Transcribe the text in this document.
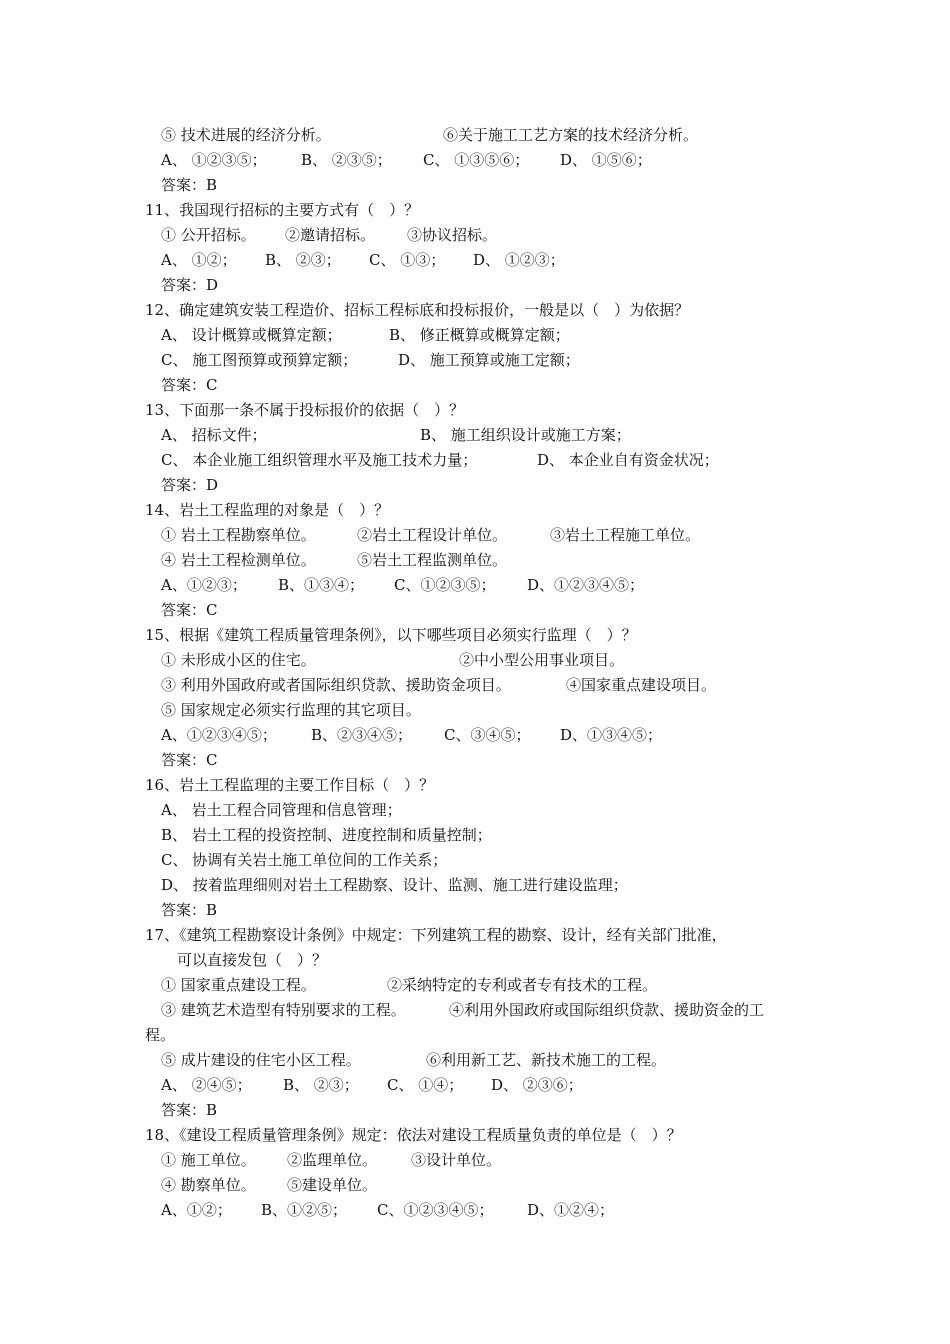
⑤ 技术进展的经济分析。	⑥关于施工工艺方案的技术经济分析。
A、 ①②③⑤； B、 ②③⑤； C、 ①③⑤⑥； D、 ①⑤⑥；
答案：B
11、我国现行招标的主要方式有（　）？
① 公开招标。 ②邀请招标。 ③协议招标。
A、 ①②； B、 ②③； C、 ①③； D、 ①②③；
答案：D
12、确定建筑安装工程造价、招标工程标底和投标报价，一般是以（　）为依据？
A、 设计概算或概算定额；	B、 修正概算或概算定额；
C、 施工图预算或预算定额；	D、 施工预算或施工定额；
答案：C
13、下面那一条不属于投标报价的依据（　）？
A、 招标文件；	B、 施工组织设计或施工方案；
C、 本企业施工组织管理水平及施工技术力量；	D、 本企业自有资金状况；
答案：D
14、岩土工程监理的对象是（　）？
① 岩土工程勘察单位。	②岩土工程设计单位。	③岩土工程施工单位。
④ 岩土工程检测单位。	⑤岩土工程监测单位。
A、①②③； B、①③④； C、①②③⑤； D、①②③④⑤；
答案：C
15、根据《建筑工程质量管理条例》，以下哪些项目必须实行监理（　）？
① 未形成小区的住宅。	②中小型公用事业项目。
③ 利用外国政府或者国际组织贷款、援助资金项目。	④国家重点建设项目。
⑤ 国家规定必须实行监理的其它项目。
A、①②③④⑤； B、②③④⑤； C、③④⑤； D、①③④⑤；
答案：C
16、岩土工程监理的主要工作目标（　）？
A、 岩土工程合同管理和信息管理；
B、 岩土工程的投资控制、进度控制和质量控制；
C、 协调有关岩土施工单位间的工作关系；
D、 按着监理细则对岩土工程勘察、设计、监测、施工进行建设监理；
答案：B
17、《建筑工程勘察设计条例》中规定：下列建筑工程的勘察、设计，经有关部门批准，
可以直接发包（　）？
① 国家重点建设工程。	②采纳特定的专利或者专有技术的工程。
③ 建筑艺术造型有特别要求的工程。	④利用外国政府或国际组织贷款、援助资金的工
程。
⑤ 成片建设的住宅小区工程。	⑥利用新工艺、新技术施工的工程。
A、 ②④⑤； B、 ②③； C、 ①④； D、 ②③⑥；
答案：B
18、《建设工程质量管理条例》规定：依法对建设工程质量负责的单位是（　）？
① 施工单位。 ②监理单位。 ③设计单位。
④ 勘察单位。 ⑤建设单位。
A、①②； B、①②⑤； C、①②③④⑤； D、①②④；
